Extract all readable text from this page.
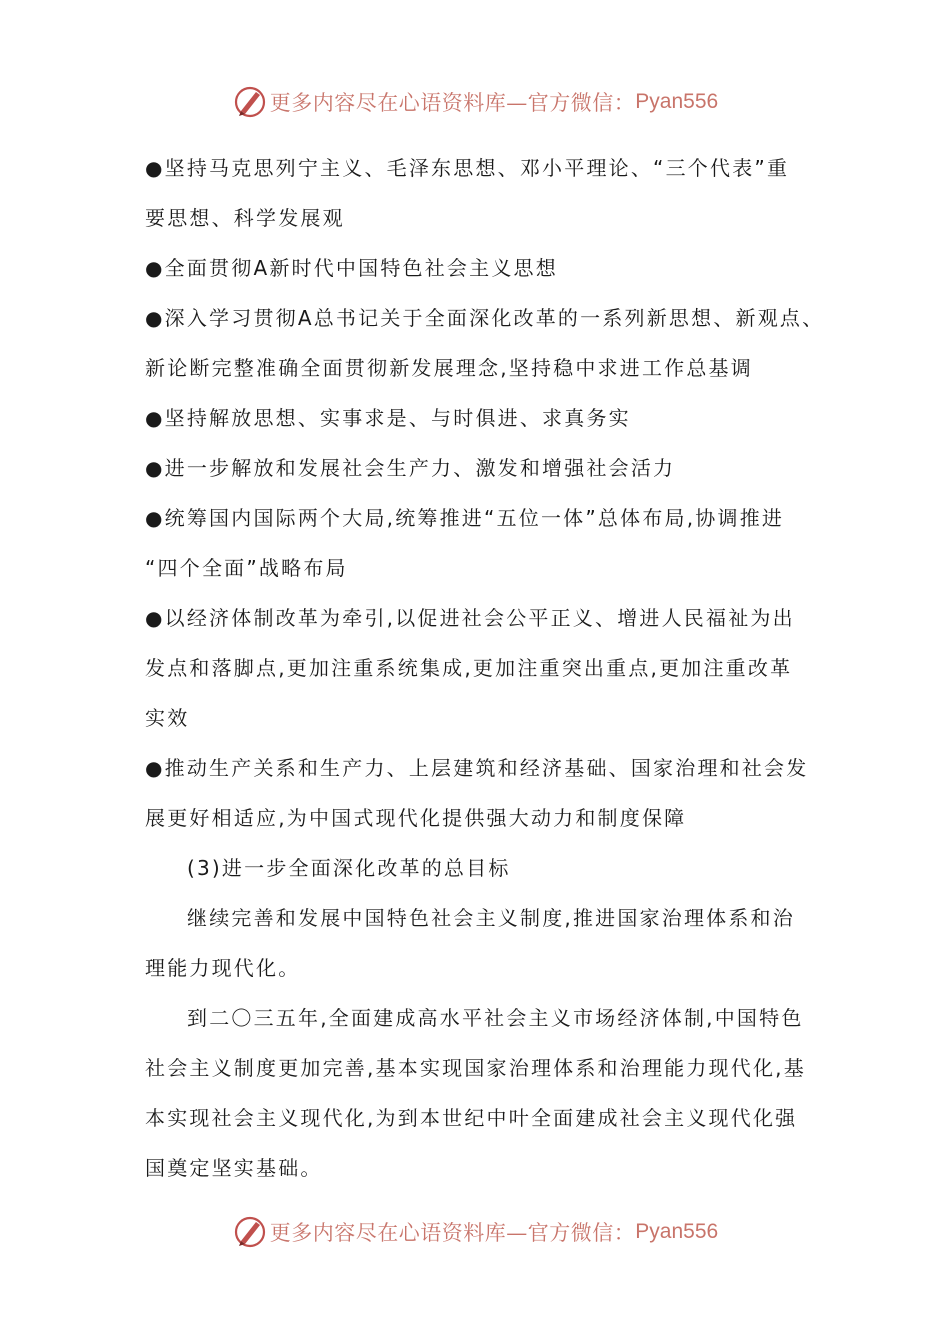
更多内容尽在心语资料库—官方微信： Pyan556
●坚持马克思列宁主义、毛泽东思想、邓小平理论、“三个代表”重
要思想、科学发展观
●全面贯彻A新时代中国特色社会主义思想
●深入学习贯彻A总书记关于全面深化改革的一系列新思想、新观点、
新论断完整准确全面贯彻新发展理念,坚持稳中求进工作总基调
●坚持解放思想、实事求是、与时俱进、求真务实
●进一步解放和发展社会生产力、激发和增强社会活力
●统筹国内国际两个大局,统筹推进“五位一体”总体布局,协调推进
“四个全面”战略布局
●以经济体制改革为牵引,以促进社会公平正义、增进人民福祉为出
发点和落脚点,更加注重系统集成,更加注重突出重点,更加注重改革
实效
●推动生产关系和生产力、上层建筑和经济基础、国家治理和社会发
展更好相适应,为中国式现代化提供强大动力和制度保障
(3)进一步全面深化改革的总目标
继续完善和发展中国特色社会主义制度,推进国家治理体系和治
理能力现代化。
到二〇三五年,全面建成高水平社会主义市场经济体制,中国特色
社会主义制度更加完善,基本实现国家治理体系和治理能力现代化,基
本实现社会主义现代化,为到本世纪中叶全面建成社会主义现代化强
国奠定坚实基础。
更多内容尽在心语资料库—官方微信： Pyan556
